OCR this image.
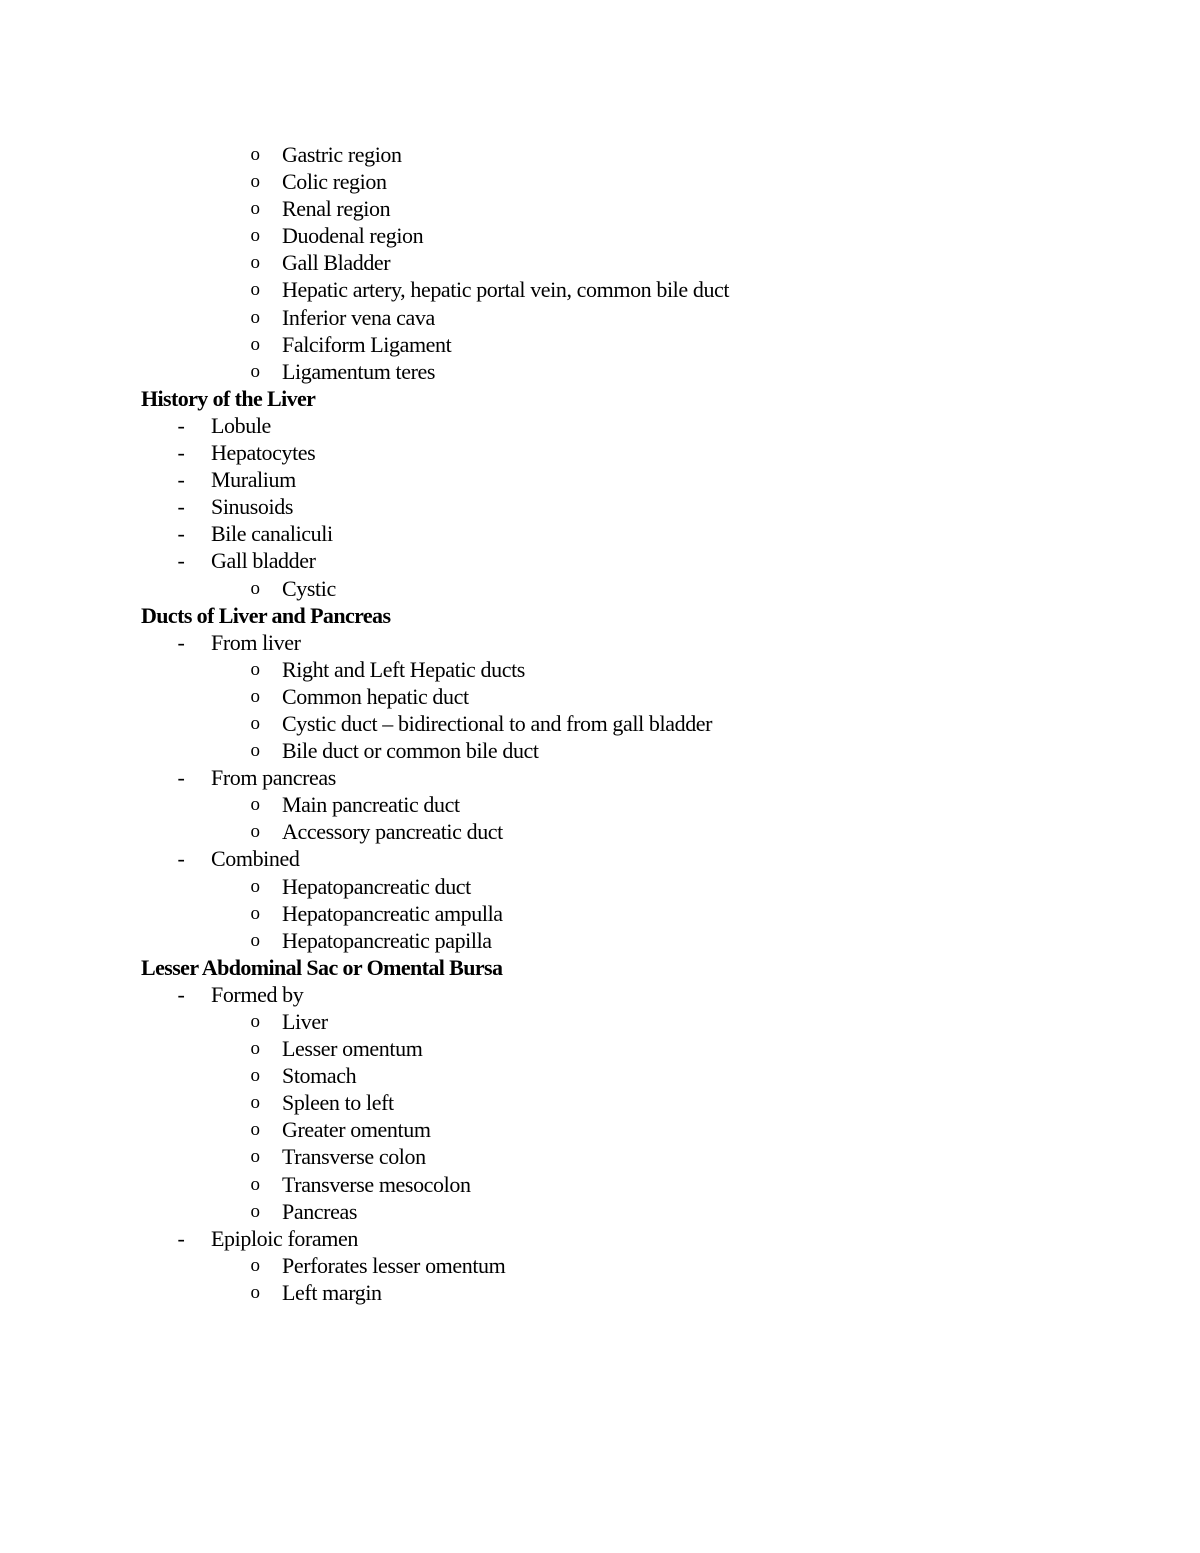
o Gastric region
o Colic region
o Renal region
o Duodenal region
o Gall Bladder
o Hepatic artery, hepatic portal vein, common bile duct
o Inferior vena cava
o Falciform Ligament
o Ligamentum teres
History of the Liver
- Lobule
- Hepatocytes
- Muralium
- Sinusoids
- Bile canaliculi
- Gall bladder
o Cystic
Ducts of Liver and Pancreas
- From liver
o Right and Left Hepatic ducts
o Common hepatic duct
o Cystic duct – bidirectional to and from gall bladder
o Bile duct or common bile duct
- From pancreas
o Main pancreatic duct
o Accessory pancreatic duct
- Combined
o Hepatopancreatic duct
o Hepatopancreatic ampulla
o Hepatopancreatic papilla
Lesser Abdominal Sac or Omental Bursa
- Formed by
o Liver
o Lesser omentum
o Stomach
o Spleen to left
o Greater omentum
o Transverse colon
o Transverse mesocolon
o Pancreas
- Epiploic foramen
o Perforates lesser omentum
o Left margin
